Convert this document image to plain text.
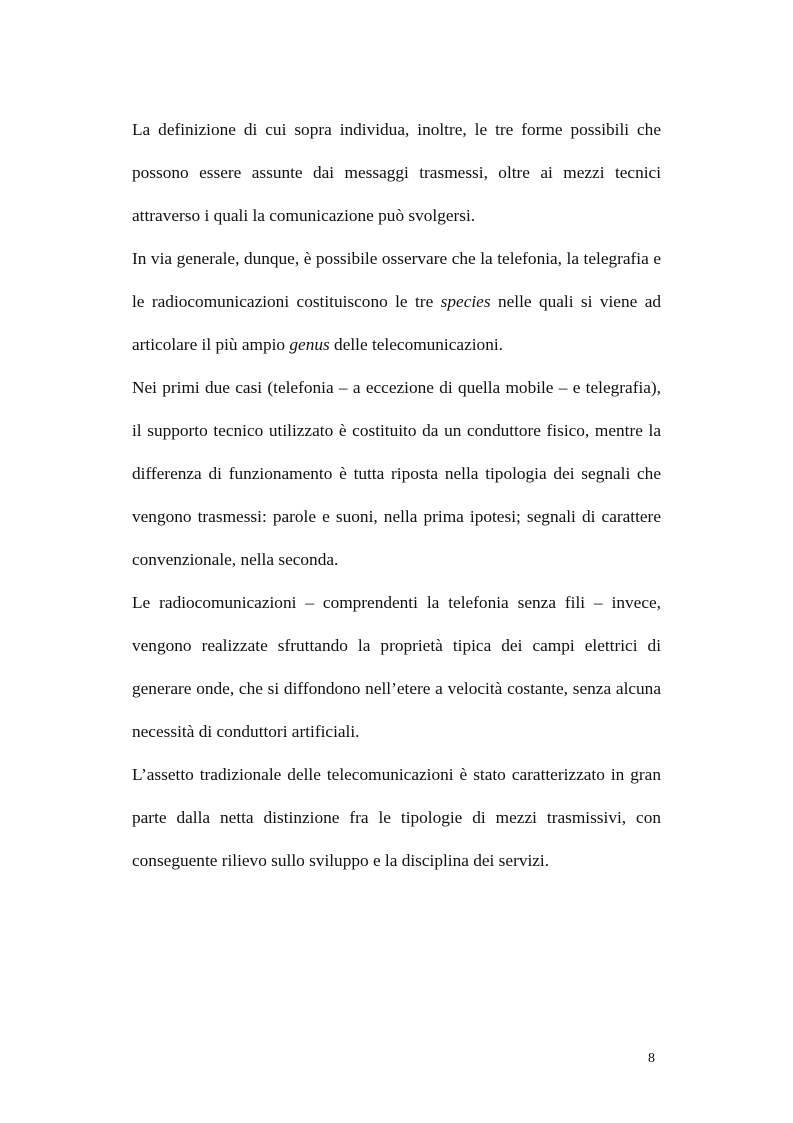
La definizione di cui sopra individua, inoltre, le tre forme possibili che possono essere assunte dai messaggi trasmessi, oltre ai mezzi tecnici attraverso i quali la comunicazione può svolgersi.

In via generale, dunque, è possibile osservare che la telefonia, la telegrafia e le radiocomunicazioni costituiscono le tre species nelle quali si viene ad articolare il più ampio genus delle telecomunicazioni.

Nei primi due casi (telefonia – a eccezione di quella mobile – e telegrafia), il supporto tecnico utilizzato è costituito da un conduttore fisico, mentre la differenza di funzionamento è tutta riposta nella tipologia dei segnali che vengono trasmessi: parole e suoni, nella prima ipotesi; segnali di carattere convenzionale, nella seconda.

Le radiocomunicazioni – comprendenti la telefonia senza fili – invece, vengono realizzate sfruttando la proprietà tipica dei campi elettrici di generare onde, che si diffondono nell’etere a velocità costante, senza alcuna necessità di conduttori artificiali.

L’assetto tradizionale delle telecomunicazioni è stato caratterizzato in gran parte dalla netta distinzione fra le tipologie di mezzi trasmissivi, con conseguente rilievo sullo sviluppo e la disciplina dei servizi.

8
